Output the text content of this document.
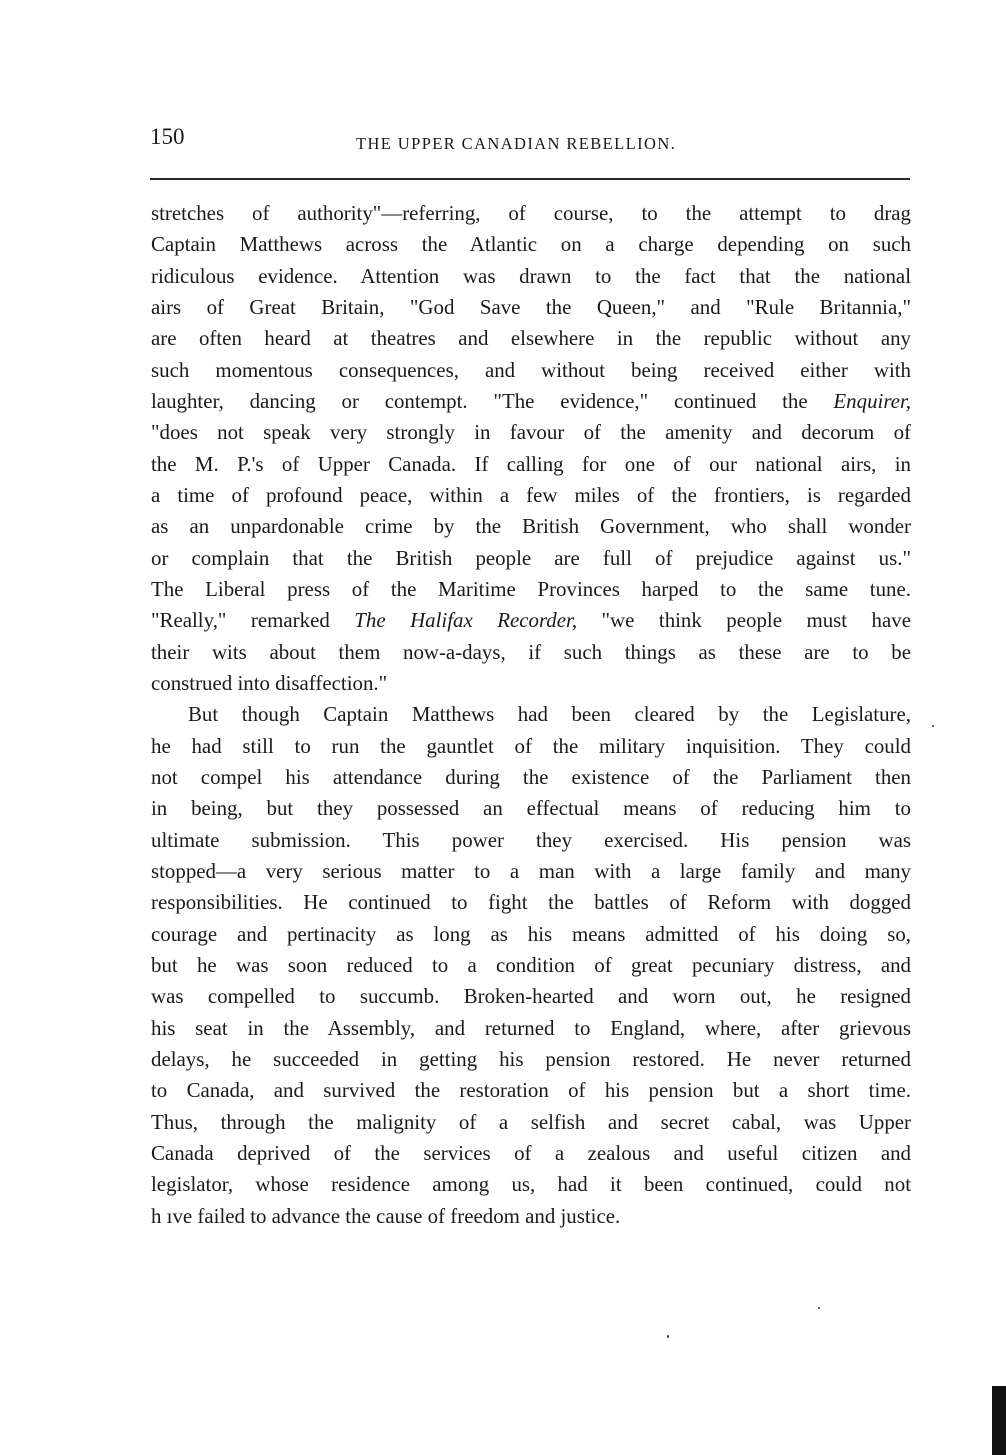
150	THE UPPER CANADIAN REBELLION.
stretches of authority"—referring, of course, to the attempt to drag
Captain Matthews across the Atlantic on a charge depending on such
ridiculous evidence. Attention was drawn to the fact that the national
airs of Great Britain, "God Save the Queen," and "Rule Britannia,"
are often heard at theatres and elsewhere in the republic without any
such momentous consequences, and without being received either with
laughter, dancing or contempt. "The evidence," continued the Enquirer,
"does not speak very strongly in favour of the amenity and decorum of
the M. P.'s of Upper Canada. If calling for one of our national airs, in
a time of profound peace, within a few miles of the frontiers, is regarded
as an unpardonable crime by the British Government, who shall wonder
or complain that the British people are full of prejudice against us."
The Liberal press of the Maritime Provinces harped to the same tune.
"Really," remarked The Halifax Recorder, "we think people must have
their wits about them now-a-days, if such things as these are to be
construed into disaffection."
But though Captain Matthews had been cleared by the Legislature,
he had still to run the gauntlet of the military inquisition. They could
not compel his attendance during the existence of the Parliament then
in being, but they possessed an effectual means of reducing him to
ultimate submission. This power they exercised. His pension was
stopped—a very serious matter to a man with a large family and many
responsibilities. He continued to fight the battles of Reform with dogged
courage and pertinacity as long as his means admitted of his doing so,
but he was soon reduced to a condition of great pecuniary distress, and
was compelled to succumb. Broken-hearted and worn out, he resigned
his seat in the Assembly, and returned to England, where, after grievous
delays, he succeeded in getting his pension restored. He never returned
to Canada, and survived the restoration of his pension but a short time.
Thus, through the malignity of a selfish and secret cabal, was Upper
Canada deprived of the services of a zealous and useful citizen and
legislator, whose residence among us, had it been continued, could not
h ıve failed to advance the cause of freedom and justice.
